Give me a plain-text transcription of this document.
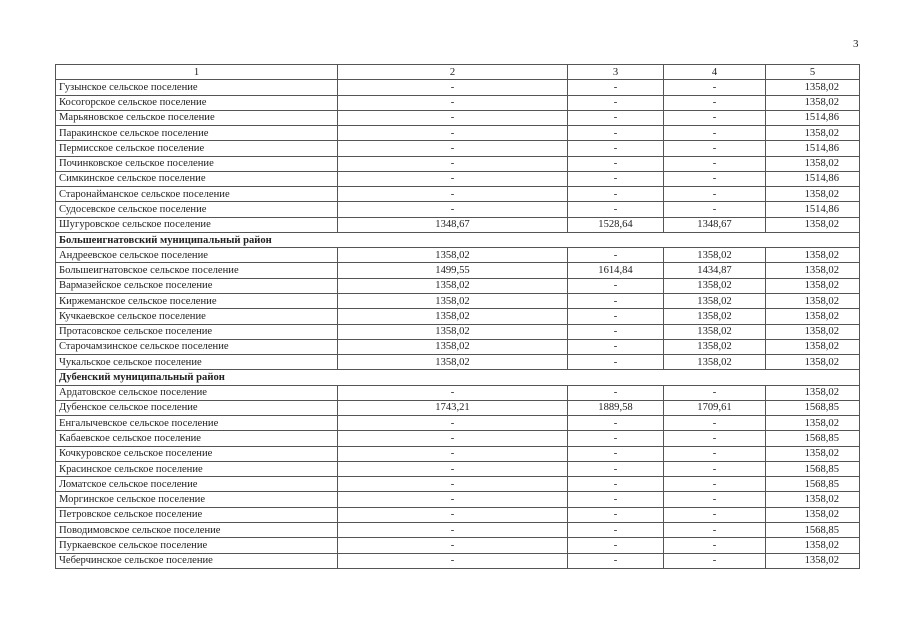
3
1	2	3	4	5
Гузынское сельское поселение	-	-	-	1358,02
Косогорское сельское поселение	-	-	-	1358,02
Марьяновское сельское поселение	-	-	-	1514,86
Паракинское сельское поселение	-	-	-	1358,02
Пермисское сельское поселение	-	-	-	1514,86
Починковское сельское поселение	-	-	-	1358,02
Симкинское сельское поселение	-	-	-	1514,86
Старонайманское сельское поселение	-	-	-	1358,02
Судосевское сельское поселение	-	-	-	1514,86
Шугуровское сельское поселение	1348,67	1528,64	1348,67	1358,02
Большеигнатовский муниципальный район				
Андреевское сельское поселение	1358,02	-	1358,02	1358,02
Большеигнатовское сельское поселение	1499,55	1614,84	1434,87	1358,02
Вармазейское сельское поселение	1358,02	-	1358,02	1358,02
Киржеманское сельское поселение	1358,02	-	1358,02	1358,02
Кучкаевское сельское поселение	1358,02	-	1358,02	1358,02
Протасовское сельское поселение	1358,02	-	1358,02	1358,02
Старочамзинское сельское поселение	1358,02	-	1358,02	1358,02
Чукальское сельское поселение	1358,02	-	1358,02	1358,02
Дубенский муниципальный район				
Ардатовское сельское поселение	-	-	-	1358,02
Дубенское сельское поселение	1743,21	1889,58	1709,61	1568,85
Енгалычевское сельское поселение	-	-	-	1358,02
Кабаевское сельское поселение	-	-	-	1568,85
Кочкуровское сельское поселение	-	-	-	1358,02
Красинское сельское поселение	-	-	-	1568,85
Ломатское сельское поселение	-	-	-	1568,85
Моргинское сельское поселение	-	-	-	1358,02
Петровское сельское поселение	-	-	-	1358,02
Поводимовское сельское поселение	-	-	-	1568,85
Пуркаевское сельское поселение	-	-	-	1358,02
Чеберчинское сельское поселение	-	-	-	1358,02
